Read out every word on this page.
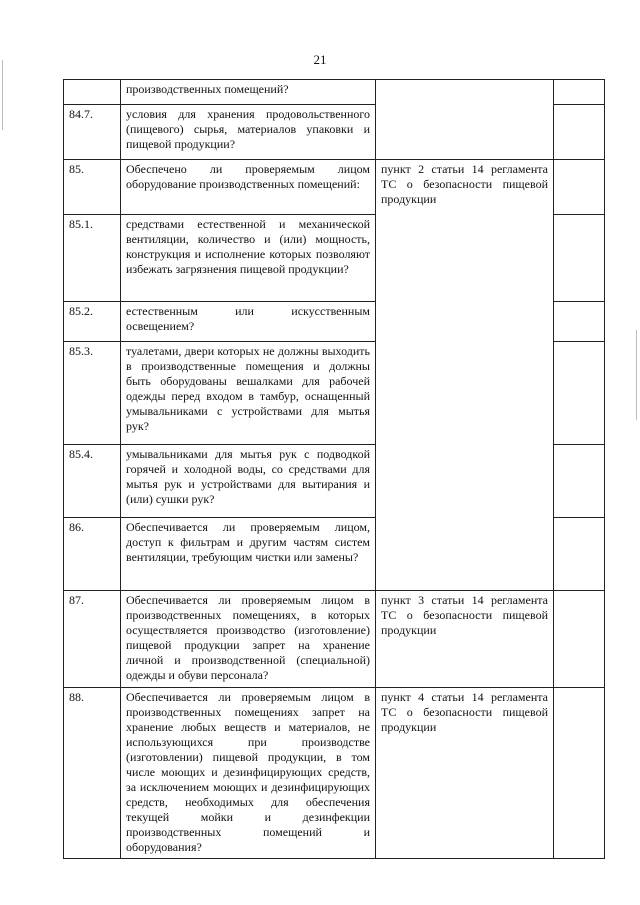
21
	производственных помещений?		
84.7.	условия для хранения продовольственного (пищевого) сырья, материалов упаковки и пищевой продукции?		
85.	Обеспечено ли проверяемым лицом оборудование производственных помещений:	пункт 2 статьи 14 регламента ТС о безопасности пищевой продукции	
85.1.	средствами естественной и механической вентиляции, количество и (или) мощность, конструкция и исполнение которых позволяют избежать загрязнения пищевой продукции?		
85.2.	естественным или искусственным освещением?		
85.3.	туалетами, двери которых не должны выходить в производственные помещения и должны быть оборудованы вешалками для рабочей одежды перед входом в тамбур, оснащенный умывальниками с устройствами для мытья рук?		
85.4.	умывальниками для мытья рук с подводкой горячей и холодной воды, со средствами для мытья рук и устройствами для вытирания и (или) сушки рук?		
86.	Обеспечивается ли проверяемым лицом, доступ к фильтрам и другим частям систем вентиляции, требующим чистки или замены?		
87.	Обеспечивается ли проверяемым лицом в производственных помещениях, в которых осуществляется производство (изготовление) пищевой продукции запрет на хранение личной и производственной (специальной) одежды и обуви персонала?	пункт 3 статьи 14 регламента ТС о безопасности пищевой продукции	
88.	Обеспечивается ли проверяемым лицом в производственных помещениях запрет на хранение любых веществ и материалов, не использующихся при производстве (изготовлении) пищевой продукции, в том числе моющих и дезинфицирующих средств, за исключением моющих и дезинфицирующих средств, необходимых для обеспечения текущей мойки и дезинфекции производственных помещений и оборудования?	пункт 4 статьи 14 регламента ТС о безопасности пищевой продукции	
